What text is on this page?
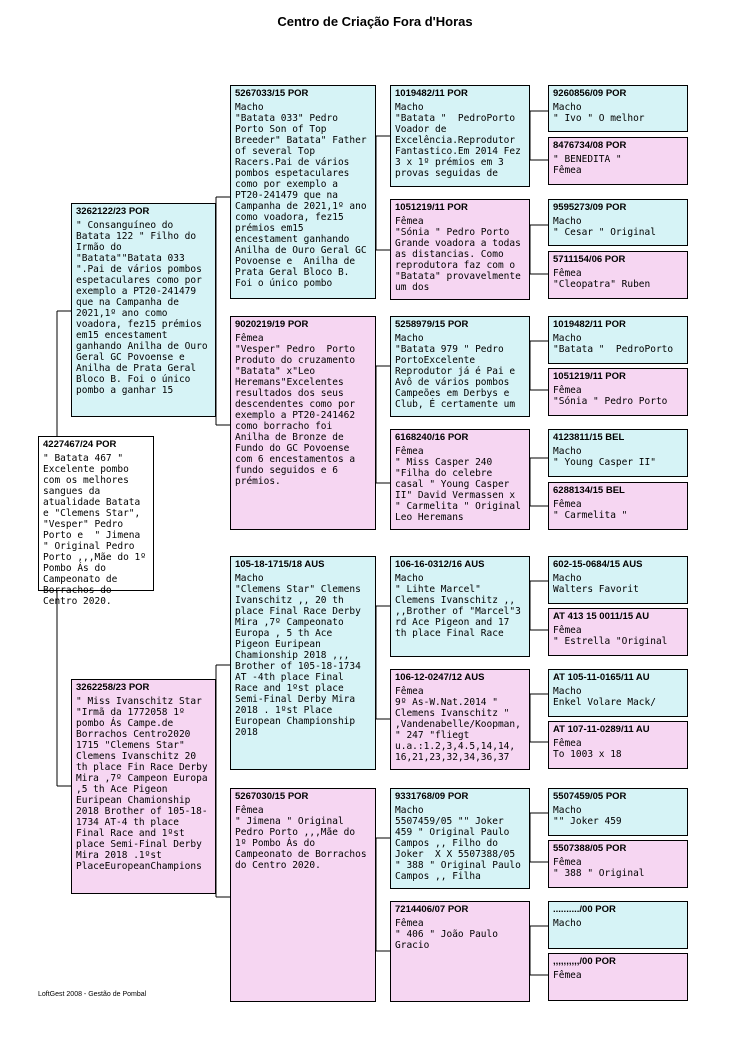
Centro de Criação Fora d'Horas
4227467/24 POR
" Batata 467 " Excelente pombo com os melhores sangues da atualidade Batata e "Clemens Star", "Vesper" Pedro  Porto e  " Jimena " Original Pedro Porto ,,,Mãe do 1º Pombo Ás do Campeonato de Borrachos do Centro 2020.
3262122/23 POR
" Consanguíneo do Batata 122 " Filho do Irmão do "Batata""Batata 033 ".Pai de vários pombos espetaculares como por exemplo a PT20-241479 que na Campanha de 2021,1º ano como voadora, fez15 prémios em15 encestament ganhando Anilha de Ouro Geral GC Povoense e  Anilha de Prata Geral Bloco B. Foi o único pombo a ganhar 15
3262258/23 POR
" Miss Ivanschitz Star "Irmã da 1772058 1º pombo Ás Campe.de Borrachos Centro2020 1715 "Clemens Star" Clemens Ivanschitz 20 th place Fin Race Derby Mira ,7º Campeon Europa ,5 th Ace Pigeon Euripean Chamionship 2018 Brother of 105-18-1734 AT-4 th place Final Race and 1ºst place Semi-Final Derby Mira 2018 .1ºst PlaceEuropeanChampions
5267033/15 POR
Macho
"Batata 033" Pedro Porto Son of Top Breeder" Batata" Father of several Top Racers.Pai de vários pombos espetaculares como por exemplo a PT20-241479 que na Campanha de 2021,1º ano como voadora, fez15 prémios em15 encestament ganhando Anilha de Ouro Geral GC Povoense e  Anilha de Prata Geral Bloco B. Foi o único pombo
9020219/19 POR
Fêmea
"Vesper" Pedro  Porto Produto do cruzamento "Batata" x"Leo Heremans"Excelentes resultados dos seus descendentes como por exemplo a PT20-241462 como borracho foi Anilha de Bronze de Fundo do GC Povoense com 6 encestamentos a fundo seguidos e 6 prémios.
105-18-1715/18 AUS
Macho
"Clemens Star" Clemens Ivanschitz ,, 20 th place Final Race Derby Mira ,7º Campeonato Europa , 5 th Ace Pigeon Euripean Chamionship 2018 ,,, Brother of 105-18-1734 AT -4th place Final Race and 1ºst place Semi-Final Derby Mira 2018 . 1ºst Place European Championship 2018
5267030/15 POR
Fêmea
" Jimena " Original Pedro Porto ,,,Mãe do 1º Pombo Ás do Campeonato de Borrachos do Centro 2020.
1019482/11 POR
Macho
"Batata "  PedroPorto Voador de Excelência.Reprodutor Fantastico.Em 2014 Fez 3 x 1º prémios em 3 provas seguidas de
1051219/11 POR
Fêmea
"Sónia " Pedro Porto Grande voadora a todas as distancias. Como reprodutora faz com o "Batata" provavelmente um dos
5258979/15 POR
Macho
"Batata 979 " Pedro PortoExcelente Reprodutor já é Pai e Avô de vários pombos Campeões em Derbys e Club, É certamente um
6168240/16 POR
Fêmea
" Miss Casper 240 "Filha do celebre casal " Young Casper II" David Vermassen x " Carmelita " Original Leo Heremans
106-16-0312/16 AUS
Macho
" Lihte Marcel" Clemens Ivanschitz ,, ,,Brother of "Marcel"3 rd Ace Pigeon and 17 th place Final Race
106-12-0247/12 AUS
Fêmea
9º As-W.Nat.2014 " Clemens Ivanschitz " ,Vandenabelle/Koopman, " 247 "fliegt u.a.:1.2,3,4.5,14,14, 16,21,23,32,34,36,37
9331768/09 POR
Macho
5507459/05 "" Joker 459 " Original Paulo Campos ,, Filho do Joker  X X 5507388/05 " 388 " Original Paulo Campos ,, Filha
7214406/07 POR
Fêmea
" 406 " João Paulo Gracio
9260856/09 POR
Macho
" Ivo " O melhor
8476734/08 POR
" BENEDITA "
Fêmea
9595273/09 POR
Macho
" Cesar " Original
5711154/06 POR
Fêmea
"Cleopatra" Ruben
1019482/11 POR
Macho
"Batata "  PedroPorto
1051219/11 POR
Fêmea
"Sónia " Pedro Porto
4123811/15 BEL
Macho
" Young Casper II"
6288134/15 BEL
Fêmea
" Carmelita "
602-15-0684/15 AUS
Macho
Walters Favorit
AT 413 15 0011/15 AU
Fêmea
" Estrella "Original
AT 105-11-0165/11 AU
Macho
Enkel Volare Mack/
AT 107-11-0289/11 AU
Fêmea
To 1003 x 18
5507459/05 POR
Macho
"" Joker 459
5507388/05 POR
Fêmea
" 388 " Original
........../00 POR
Macho
,,,,,,,,,,/00 POR
Fêmea
LoftGest 2008 - Gestão de Pombal
